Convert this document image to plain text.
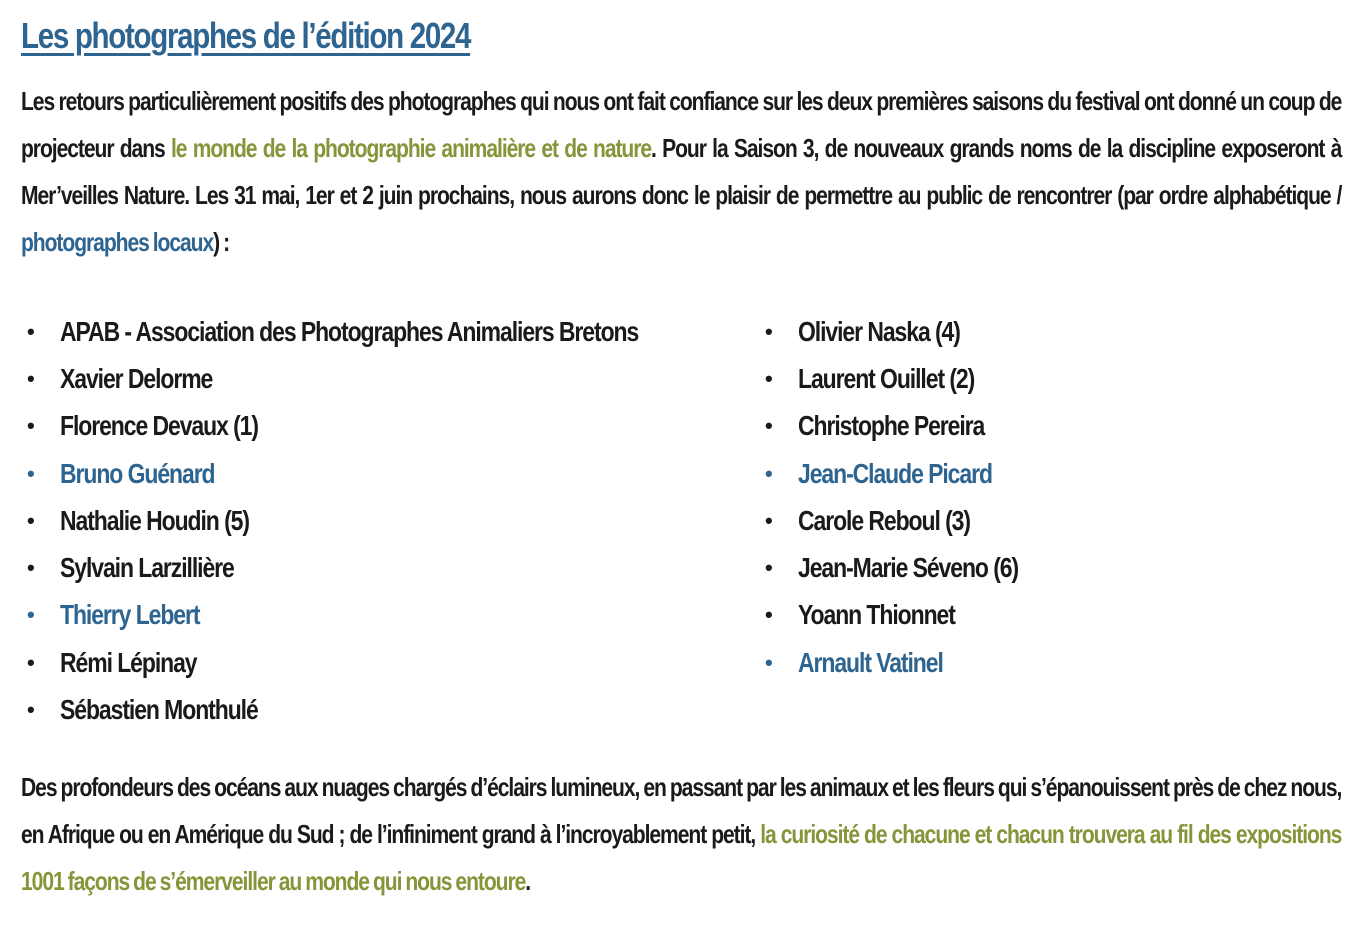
Les photographes de l’édition 2024

Les retours particulièrement positifs des photographes qui nous ont fait confiance sur les deux premières saisons du festival ont donné un coup de projecteur dans le monde de la photographie animalière et de nature. Pour la Saison 3, de nouveaux grands noms de la discipline exposeront à Mer’veilles Nature. Les 31 mai, 1er et 2 juin prochains, nous aurons donc le plaisir de permettre au public de rencontrer (par ordre alphabétique / photographes locaux) :

• APAB - Association des Photographes Animaliers Bretons
• Xavier Delorme
• Florence Devaux (1)
• Bruno Guénard
• Nathalie Houdin (5)
• Sylvain Larzillière
• Thierry Lebert
• Rémi Lépinay
• Sébastien Monthulé
• Olivier Naska (4)
• Laurent Ouillet (2)
• Christophe Pereira
• Jean-Claude Picard
• Carole Reboul (3)
• Jean-Marie Séveno (6)
• Yoann Thionnet
• Arnault Vatinel

Des profondeurs des océans aux nuages chargés d’éclairs lumineux, en passant par les animaux et les fleurs qui s’épanouissent près de chez nous, en Afrique ou en Amérique du Sud ; de l’infiniment grand à l’incroyablement petit, la curiosité de chacune et chacun trouvera au fil des expositions 1001 façons de s’émerveiller au monde qui nous entoure.
